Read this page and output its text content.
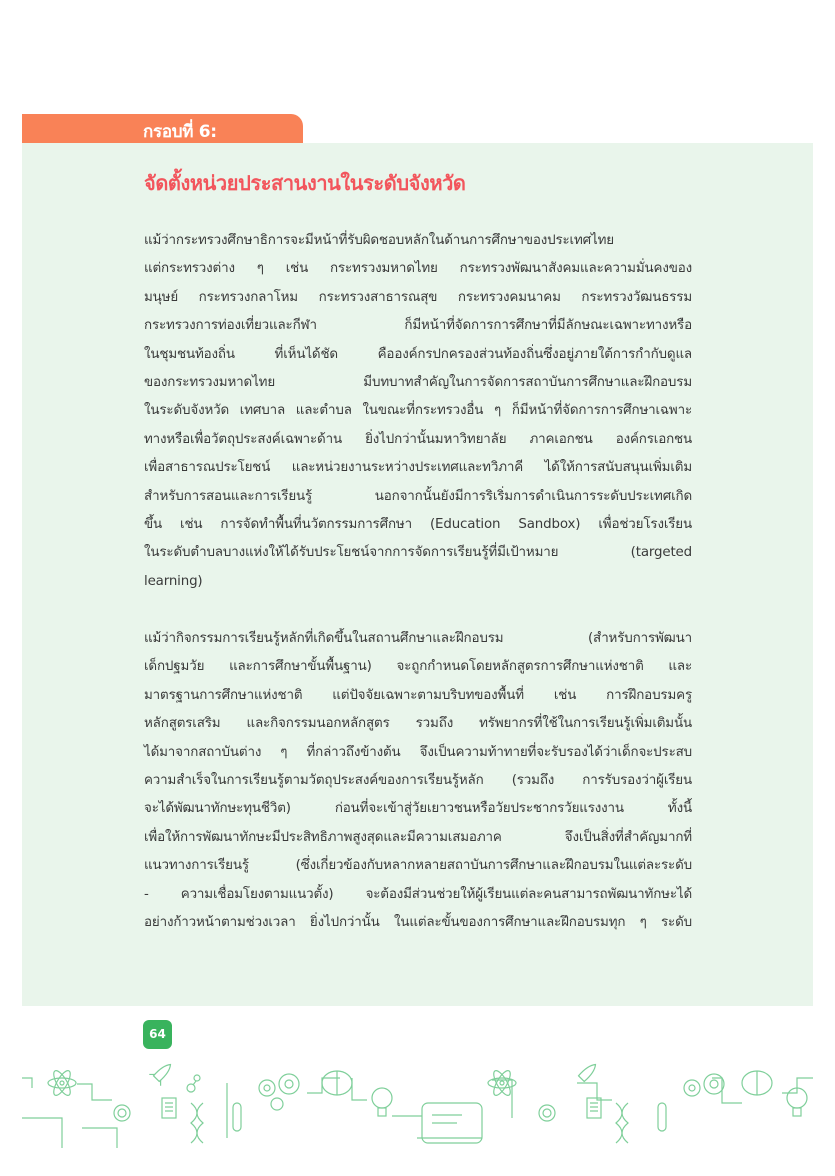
กรอบที่ 6:
จัดตั้งหน่วยประสานงานในระดับจังหวัด

แม้ว่ากระทรวงศึกษาธิการจะมีหน้าที่รับผิดชอบหลักในด้านการศึกษาของประเทศไทย
แต่กระทรวงต่าง ๆ เช่น กระทรวงมหาดไทย กระทรวงพัฒนาสังคมและความมั่นคงของ
มนุษย์ กระทรวงกลาโหม กระทรวงสาธารณสุข กระทรวงคมนาคม กระทรวงวัฒนธรรม
กระทรวงการท่องเที่ยวและกีฬา ก็มีหน้าที่จัดการการศึกษาที่มีลักษณะเฉพาะทางหรือ
ในชุมชนท้องถิ่น ที่เห็นได้ชัด คือองค์กรปกครองส่วนท้องถิ่นซึ่งอยู่ภายใต้การกำกับดูแล
ของกระทรวงมหาดไทย มีบทบาทสำคัญในการจัดการสถาบันการศึกษาและฝึกอบรม
ในระดับจังหวัด เทศบาล และตำบล ในขณะที่กระทรวงอื่น ๆ ก็มีหน้าที่จัดการการศึกษาเฉพาะ
ทางหรือเพื่อวัตถุประสงค์เฉพาะด้าน ยิ่งไปกว่านั้นมหาวิทยาลัย ภาคเอกชน องค์กรเอกชน
เพื่อสาธารณประโยชน์ และหน่วยงานระหว่างประเทศและทวิภาคี ได้ให้การสนับสนุนเพิ่มเติม
สำหรับการสอนและการเรียนรู้ นอกจากนั้นยังมีการริเริ่มการดำเนินการระดับประเทศเกิด
ขึ้น เช่น การจัดทำพื้นที่นวัตกรรมการศึกษา (Education Sandbox) เพื่อช่วยโรงเรียน
ในระดับตำบลบางแห่งให้ได้รับประโยชน์จากการจัดการเรียนรู้ที่มีเป้าหมาย (targeted
learning)

แม้ว่ากิจกรรมการเรียนรู้หลักที่เกิดขึ้นในสถานศึกษาและฝึกอบรม (สำหรับการพัฒนา
เด็กปฐมวัย และการศึกษาขั้นพื้นฐาน) จะถูกกำหนดโดยหลักสูตรการศึกษาแห่งชาติ และ
มาตรฐานการศึกษาแห่งชาติ แต่ปัจจัยเฉพาะตามบริบทของพื้นที่ เช่น การฝึกอบรมครู
หลักสูตรเสริม และกิจกรรมนอกหลักสูตร รวมถึง ทรัพยากรที่ใช้ในการเรียนรู้เพิ่มเติมนั้น
ได้มาจากสถาบันต่าง ๆ ที่กล่าวถึงข้างต้น จึงเป็นความท้าทายที่จะรับรองได้ว่าเด็กจะประสบ
ความสำเร็จในการเรียนรู้ตามวัตถุประสงค์ของการเรียนรู้หลัก (รวมถึง การรับรองว่าผู้เรียน
จะได้พัฒนาทักษะทุนชีวิต) ก่อนที่จะเข้าสู่วัยเยาวชนหรือวัยประชากรวัยแรงงาน ทั้งนี้
เพื่อให้การพัฒนาทักษะมีประสิทธิภาพสูงสุดและมีความเสมอภาค จึงเป็นสิ่งที่สำคัญมากที่
แนวทางการเรียนรู้ (ซึ่งเกี่ยวข้องกับหลากหลายสถาบันการศึกษาและฝึกอบรมในแต่ละระดับ
- ความเชื่อมโยงตามแนวตั้ง) จะต้องมีส่วนช่วยให้ผู้เรียนแต่ละคนสามารถพัฒนาทักษะได้
อย่างก้าวหน้าตามช่วงเวลา ยิ่งไปกว่านั้น ในแต่ละขั้นของการศึกษาและฝึกอบรมทุก ๆ ระดับ

64
